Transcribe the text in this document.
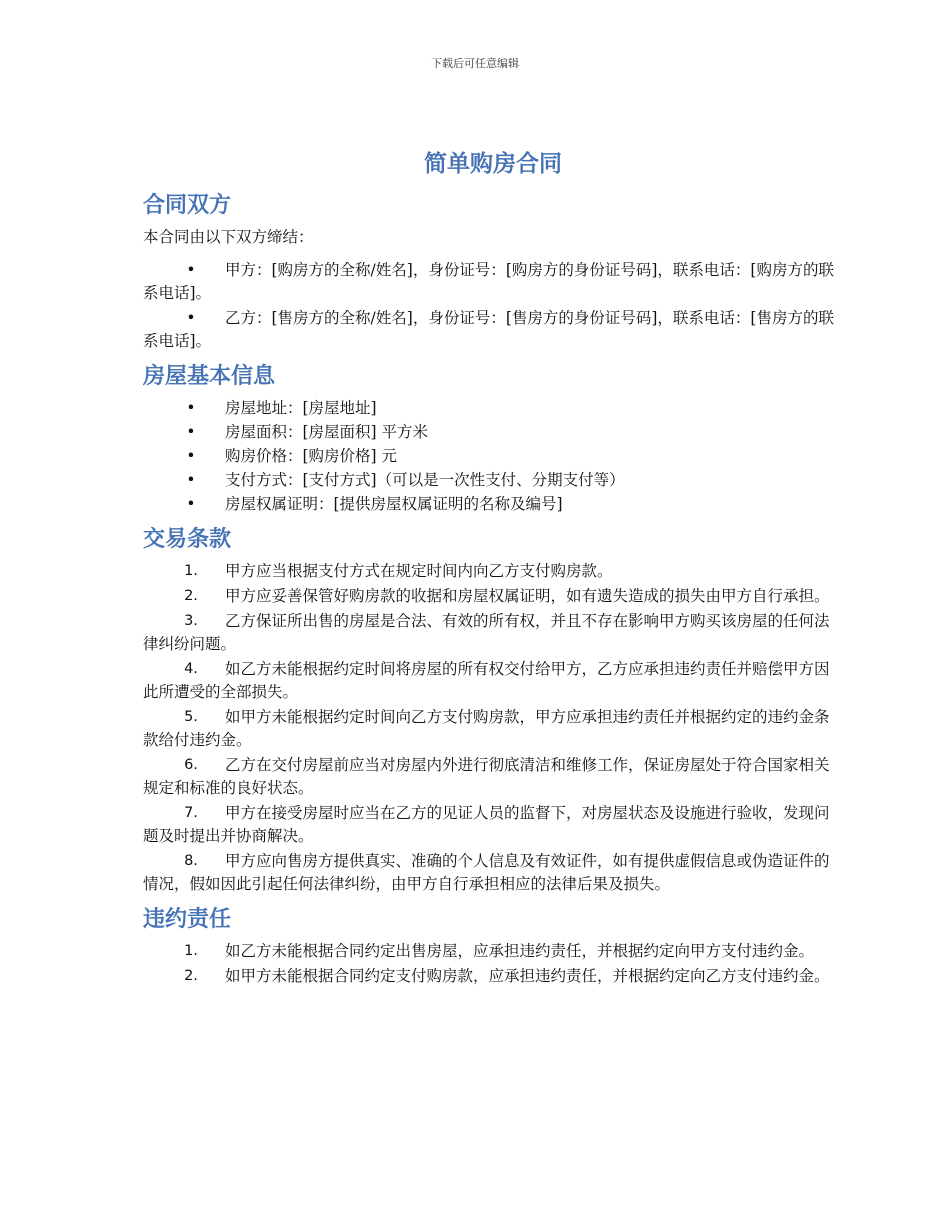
下载后可任意编辑
简单购房合同
合同双方

本合同由以下双方缔结：

•	甲方：[购房方的全称/姓名]，身份证号：[购房方的身份证号码]，联系电话：[购房方的联系电话]。
•	乙方：[售房方的全称/姓名]，身份证号：[售房方的身份证号码]，联系电话：[售房方的联系电话]。
房屋基本信息
•	房屋地址：[房屋地址]
•	房屋面积：[房屋面积] 平方米
•	购房价格：[购房价格] 元
•	支付方式：[支付方式]（可以是一次性支付、分期支付等）
•	房屋权属证明：[提供房屋权属证明的名称及编号]
交易条款
1. 甲方应当根据支付方式在规定时间内向乙方支付购房款。
2. 甲方应妥善保管好购房款的收据和房屋权属证明，如有遗失造成的损失由甲方自行承担。
3. 乙方保证所出售的房屋是合法、有效的所有权，并且不存在影响甲方购买该房屋的任何法律纠纷问题。
4. 如乙方未能根据约定时间将房屋的所有权交付给甲方，乙方应承担违约责任并赔偿甲方因此所遭受的全部损失。
5. 如甲方未能根据约定时间向乙方支付购房款，甲方应承担违约责任并根据约定的违约金条款给付违约金。
6. 乙方在交付房屋前应当对房屋内外进行彻底清洁和维修工作，保证房屋处于符合国家相关规定和标准的良好状态。
7. 甲方在接受房屋时应当在乙方的见证人员的监督下，对房屋状态及设施进行验收，发现问题及时提出并协商解决。
8. 甲方应向售房方提供真实、准确的个人信息及有效证件，如有提供虚假信息或伪造证件的情况，假如因此引起任何法律纠纷，由甲方自行承担相应的法律后果及损失。
违约责任
1. 如乙方未能根据合同约定出售房屋，应承担违约责任，并根据约定向甲方支付违约金。
2. 如甲方未能根据合同约定支付购房款，应承担违约责任，并根据约定向乙方支付违约金。
